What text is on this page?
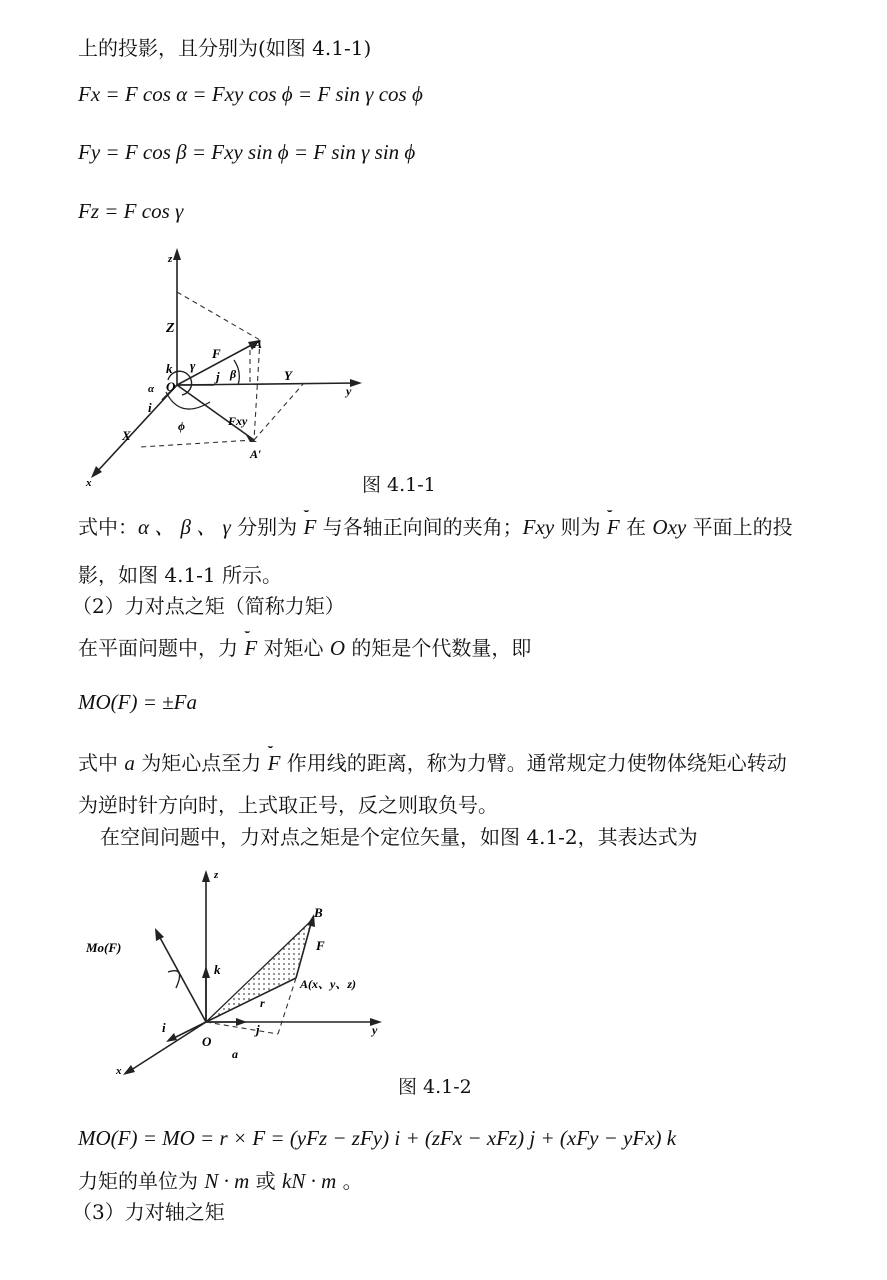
上的投影，且分别为(如图 4.1-1)
Fx = F cos α = Fxy cos ϕ = F sin γ cos ϕ
Fy = F cos β = Fxy sin ϕ = F sin γ sin ϕ
Fz = F cos γ
z
Z
k γ
F
A
α O
j β	Y
y
i
ϕ	Fxy
X
A′
x	图 4.1-1
式中：α 、 β 、 γ 分别为 ˇˇ F 与各轴正向间的夹角；Fxy 则为 ˇˇ F 在 Oxy 平面上的投
影，如图 4.1-1 所示。
（2）力对点之矩（简称力矩）
在平面问题中，力 ˇˇ F 对矩心 O 的矩是个代数量，即
MO(F) = ±Fa
式中 a 为矩心点至力 ˇˇ F 作用线的距离，称为力臂。通常规定力使物体绕矩心转动
为逆时针方向时，上式取正号，反之则取负号。
在空间问题中，力对点之矩是个定位矢量，如图 4.1-2，其表达式为
z
B
F
Mo(F)
k
A(x、y、z)
r
i
O
j
a
y
x
图 4.1-2
MO(F) = MO = r × F = (yFz − zFy) i + (zFx − xFz) j + (xFy − yFx) k
力矩的单位为 N · m 或 kN · m 。
（3）力对轴之矩
